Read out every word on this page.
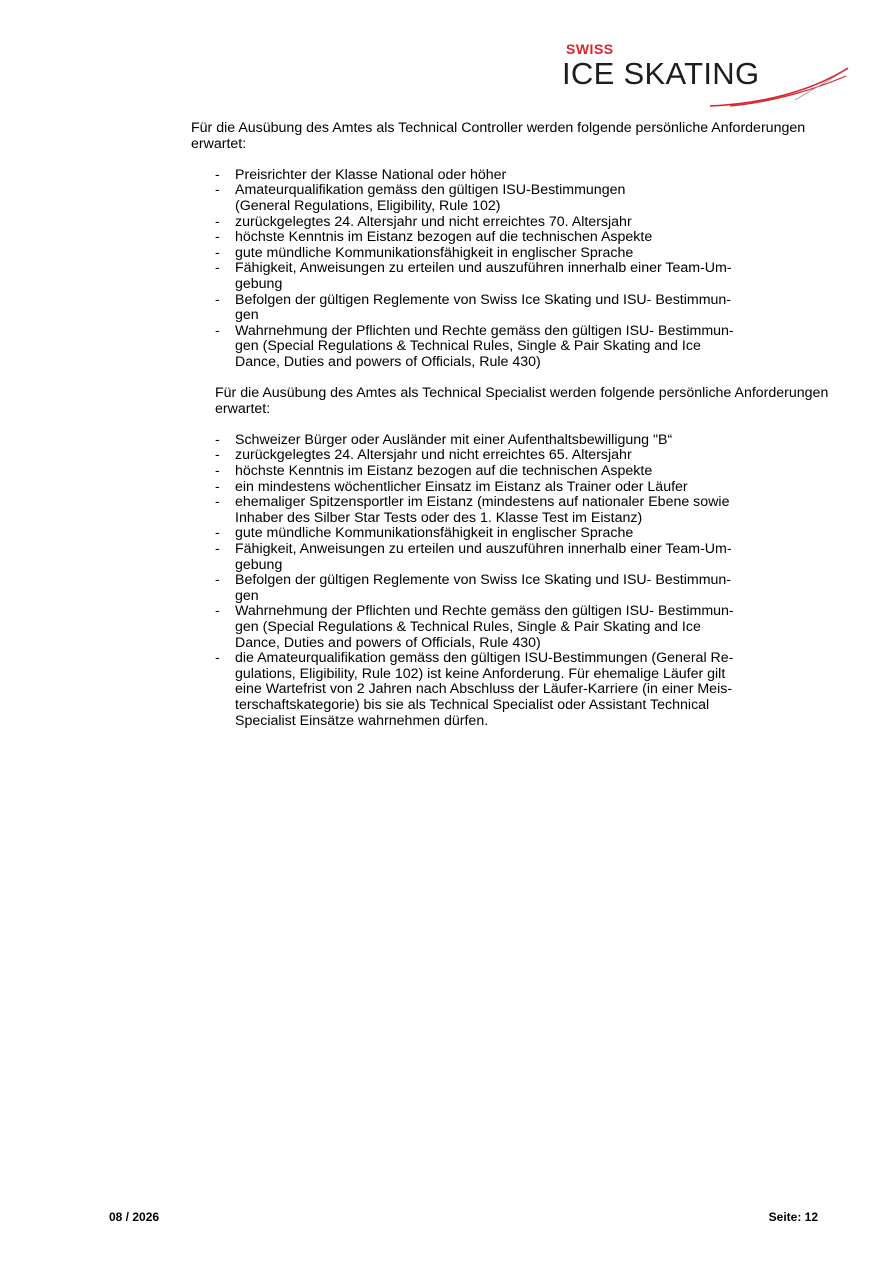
SWISS
ICE SKATING

Für die Ausübung des Amtes als Technical Controller werden folgende persönliche Anforderungen erwartet:

- Preisrichter der Klasse National oder höher
- Amateurqualifikation gemäss den gültigen ISU-Bestimmungen
(General Regulations, Eligibility, Rule 102)
- zurückgelegtes 24. Altersjahr und nicht erreichtes 70. Altersjahr
- höchste Kenntnis im Eistanz bezogen auf die technischen Aspekte
- gute mündliche Kommunikationsfähigkeit in englischer Sprache
- Fähigkeit, Anweisungen zu erteilen und auszuführen innerhalb einer Team-Um-
gebung
- Befolgen der gültigen Reglemente von Swiss Ice Skating und ISU- Bestimmun-
gen
- Wahrnehmung der Pflichten und Rechte gemäss den gültigen ISU- Bestimmun-
gen (Special Regulations & Technical Rules, Single & Pair Skating and Ice
Dance, Duties and powers of Officials, Rule 430)

Für die Ausübung des Amtes als Technical Specialist werden folgende persönliche Anforderungen erwartet:

- Schweizer Bürger oder Ausländer mit einer Aufenthaltsbewilligung "B“
- zurückgelegtes 24. Altersjahr und nicht erreichtes 65. Altersjahr
- höchste Kenntnis im Eistanz bezogen auf die technischen Aspekte
- ein mindestens wöchentlicher Einsatz im Eistanz als Trainer oder Läufer
- ehemaliger Spitzensportler im Eistanz (mindestens auf nationaler Ebene sowie
Inhaber des Silber Star Tests oder des 1. Klasse Test im Eistanz)
- gute mündliche Kommunikationsfähigkeit in englischer Sprache
- Fähigkeit, Anweisungen zu erteilen und auszuführen innerhalb einer Team-Um-
gebung
- Befolgen der gültigen Reglemente von Swiss Ice Skating und ISU- Bestimmun-
gen
- Wahrnehmung der Pflichten und Rechte gemäss den gültigen ISU- Bestimmun-
gen (Special Regulations & Technical Rules, Single & Pair Skating and Ice
Dance, Duties and powers of Officials, Rule 430)
- die Amateurqualifikation gemäss den gültigen ISU-Bestimmungen (General Re-
gulations, Eligibility, Rule 102) ist keine Anforderung. Für ehemalige Läufer gilt
eine Wartefrist von 2 Jahren nach Abschluss der Läufer-Karriere (in einer Meis-
terschaftskategorie) bis sie als Technical Specialist oder Assistant Technical
Specialist Einsätze wahrnehmen dürfen.
08 / 2026	Seite: 12
